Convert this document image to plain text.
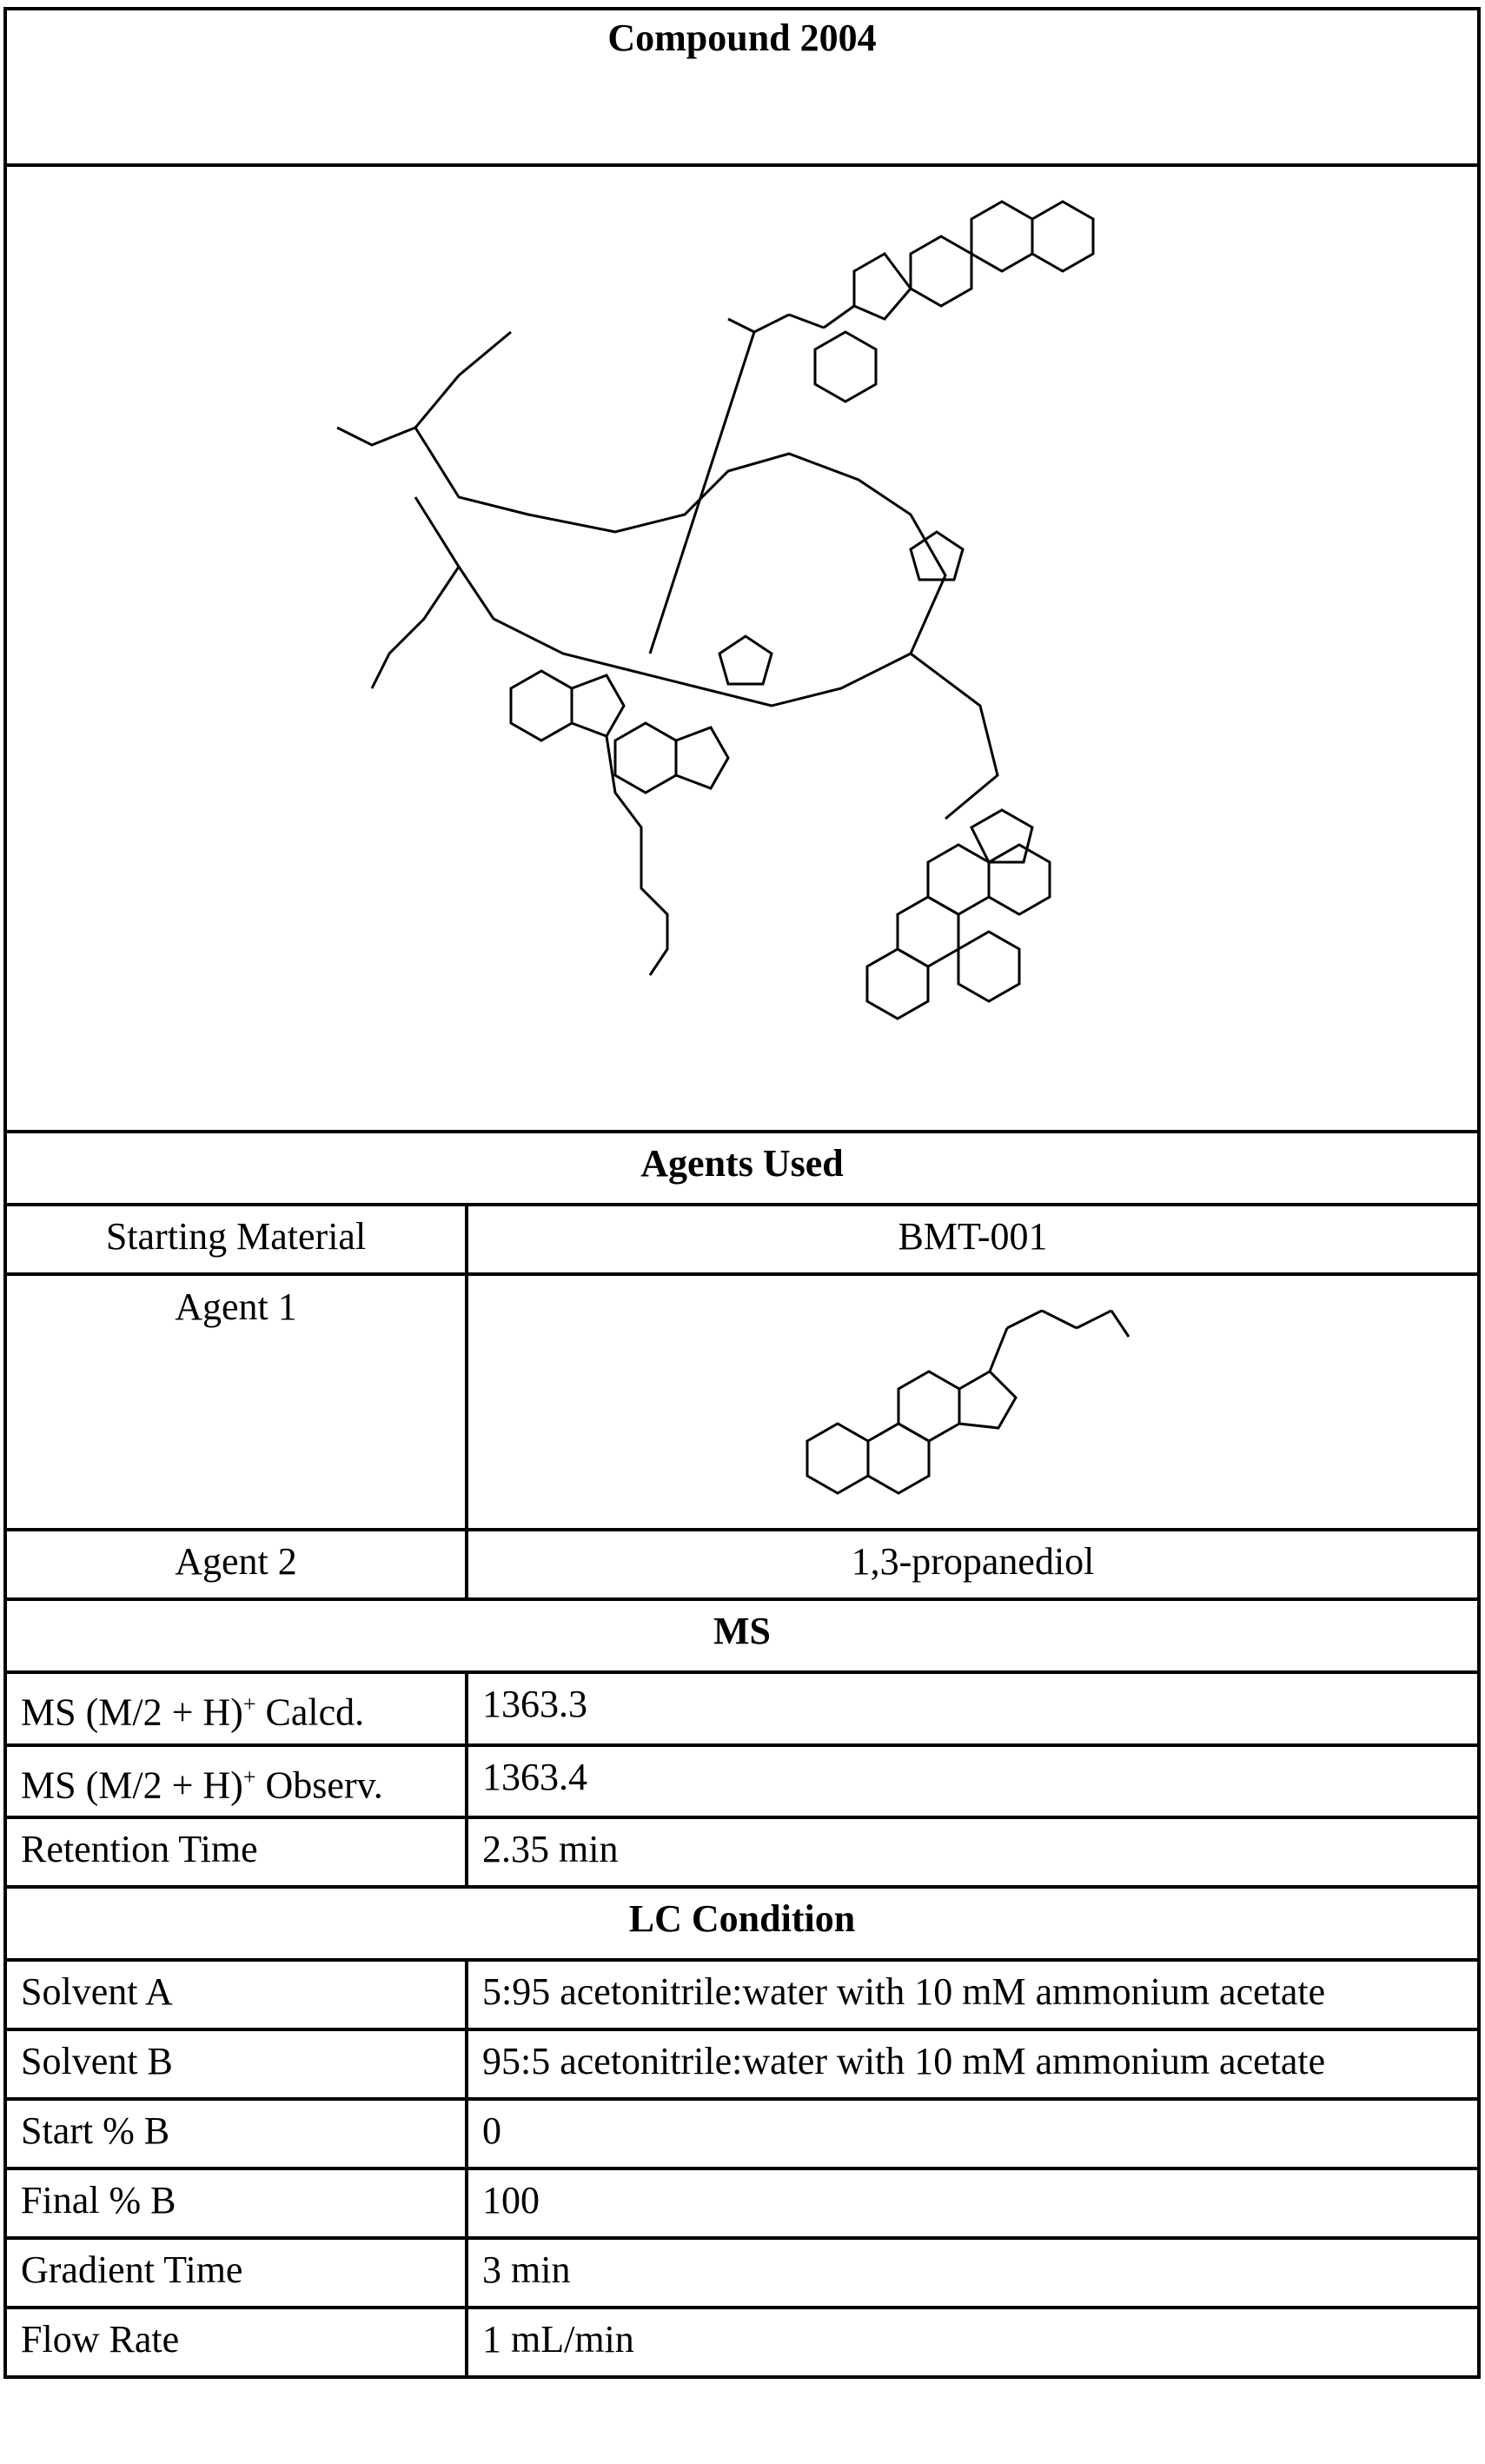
Compound 2004

Agents Used
Starting Material	BMT-001
Agent 1	

Agent 2	1,3-propanediol
MS
MS (M/2 + H)+ Calcd.	1363.3
MS (M/2 + H)+ Observ.	1363.4
Retention Time	2.35 min
LC Condition
Solvent A	5:95 acetonitrile:water with 10 mM ammonium acetate
Solvent B	95:5 acetonitrile:water with 10 mM ammonium acetate
Start % B	0
Final % B	100
Gradient Time	3 min
Flow Rate	1 mL/min
